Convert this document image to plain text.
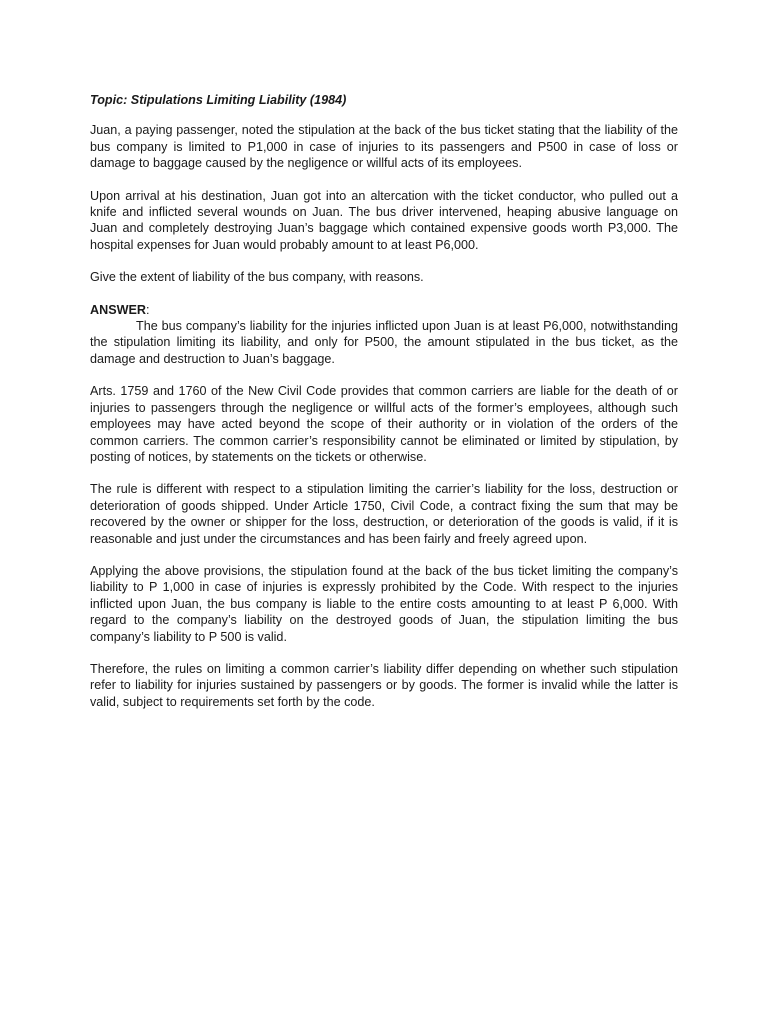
Topic: Stipulations Limiting Liability (1984)

Juan, a paying passenger, noted the stipulation at the back of the bus ticket stating that the liability of the bus company is limited to P1,000 in case of injuries to its passengers and P500 in case of loss or damage to baggage caused by the negligence or willful acts of its employees.

Upon arrival at his destination, Juan got into an altercation with the ticket conductor, who pulled out a knife and inflicted several wounds on Juan. The bus driver intervened, heaping abusive language on Juan and completely destroying Juan’s baggage which contained expensive goods worth P3,000. The hospital expenses for Juan would probably amount to at least P6,000.

Give the extent of liability of the bus company, with reasons.

ANSWER:

The bus company’s liability for the injuries inflicted upon Juan is at least P6,000, notwithstanding the stipulation limiting its liability, and only for P500, the amount stipulated in the bus ticket, as the damage and destruction to Juan’s baggage.

Arts. 1759 and 1760 of the New Civil Code provides that common carriers are liable for the death of or injuries to passengers through the negligence or willful acts of the former’s employees, although such employees may have acted beyond the scope of their authority or in violation of the orders of the common carriers. The common carrier’s responsibility cannot be eliminated or limited by stipulation, by posting of notices, by statements on the tickets or otherwise.

The rule is different with respect to a stipulation limiting the carrier’s liability for the loss, destruction or deterioration of goods shipped. Under Article 1750, Civil Code, a contract fixing the sum that may be recovered by the owner or shipper for the loss, destruction, or deterioration of the goods is valid, if it is reasonable and just under the circumstances and has been fairly and freely agreed upon.

Applying the above provisions, the stipulation found at the back of the bus ticket limiting the company’s liability to P 1,000 in case of injuries is expressly prohibited by the Code. With respect to the injuries inflicted upon Juan, the bus company is liable to the entire costs amounting to at least P 6,000. With regard to the company’s liability on the destroyed goods of Juan, the stipulation limiting the bus company’s liability to P 500 is valid.

Therefore, the rules on limiting a common carrier’s liability differ depending on whether such stipulation refer to liability for injuries sustained by passengers or by goods. The former is invalid while the latter is valid, subject to requirements set forth by the code.
